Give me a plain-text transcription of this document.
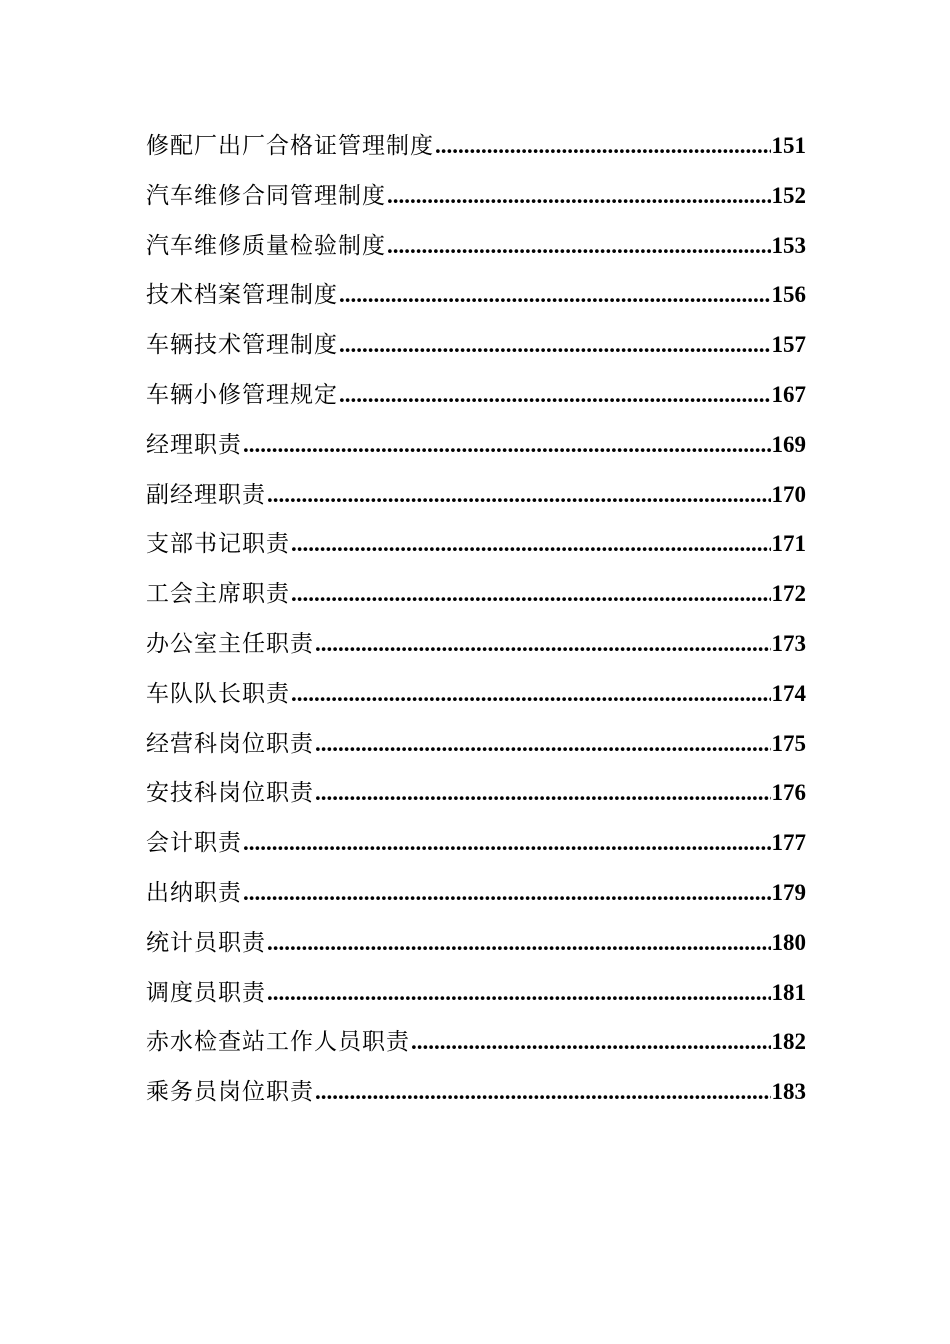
修配厂出厂合格证管理制度 .....	151
汽车维修合同管理制度 .....	152
汽车维修质量检验制度 .....	153
技术档案管理制度 .....	156
车辆技术管理制度 .....	157
车辆小修管理规定 .....	167
经理职责 .....	169
副经理职责 .....	170
支部书记职责 .....	171
工会主席职责 .....	172
办公室主任职责 .....	173
车队队长职责 .....	174
经营科岗位职责 .....	175
安技科岗位职责 .....	176
会计职责 .....	177
出纳职责 .....	179
统计员职责 .....	180
调度员职责 .....	181
赤水检查站工作人员职责 .....	182
乘务员岗位职责 .....	183
